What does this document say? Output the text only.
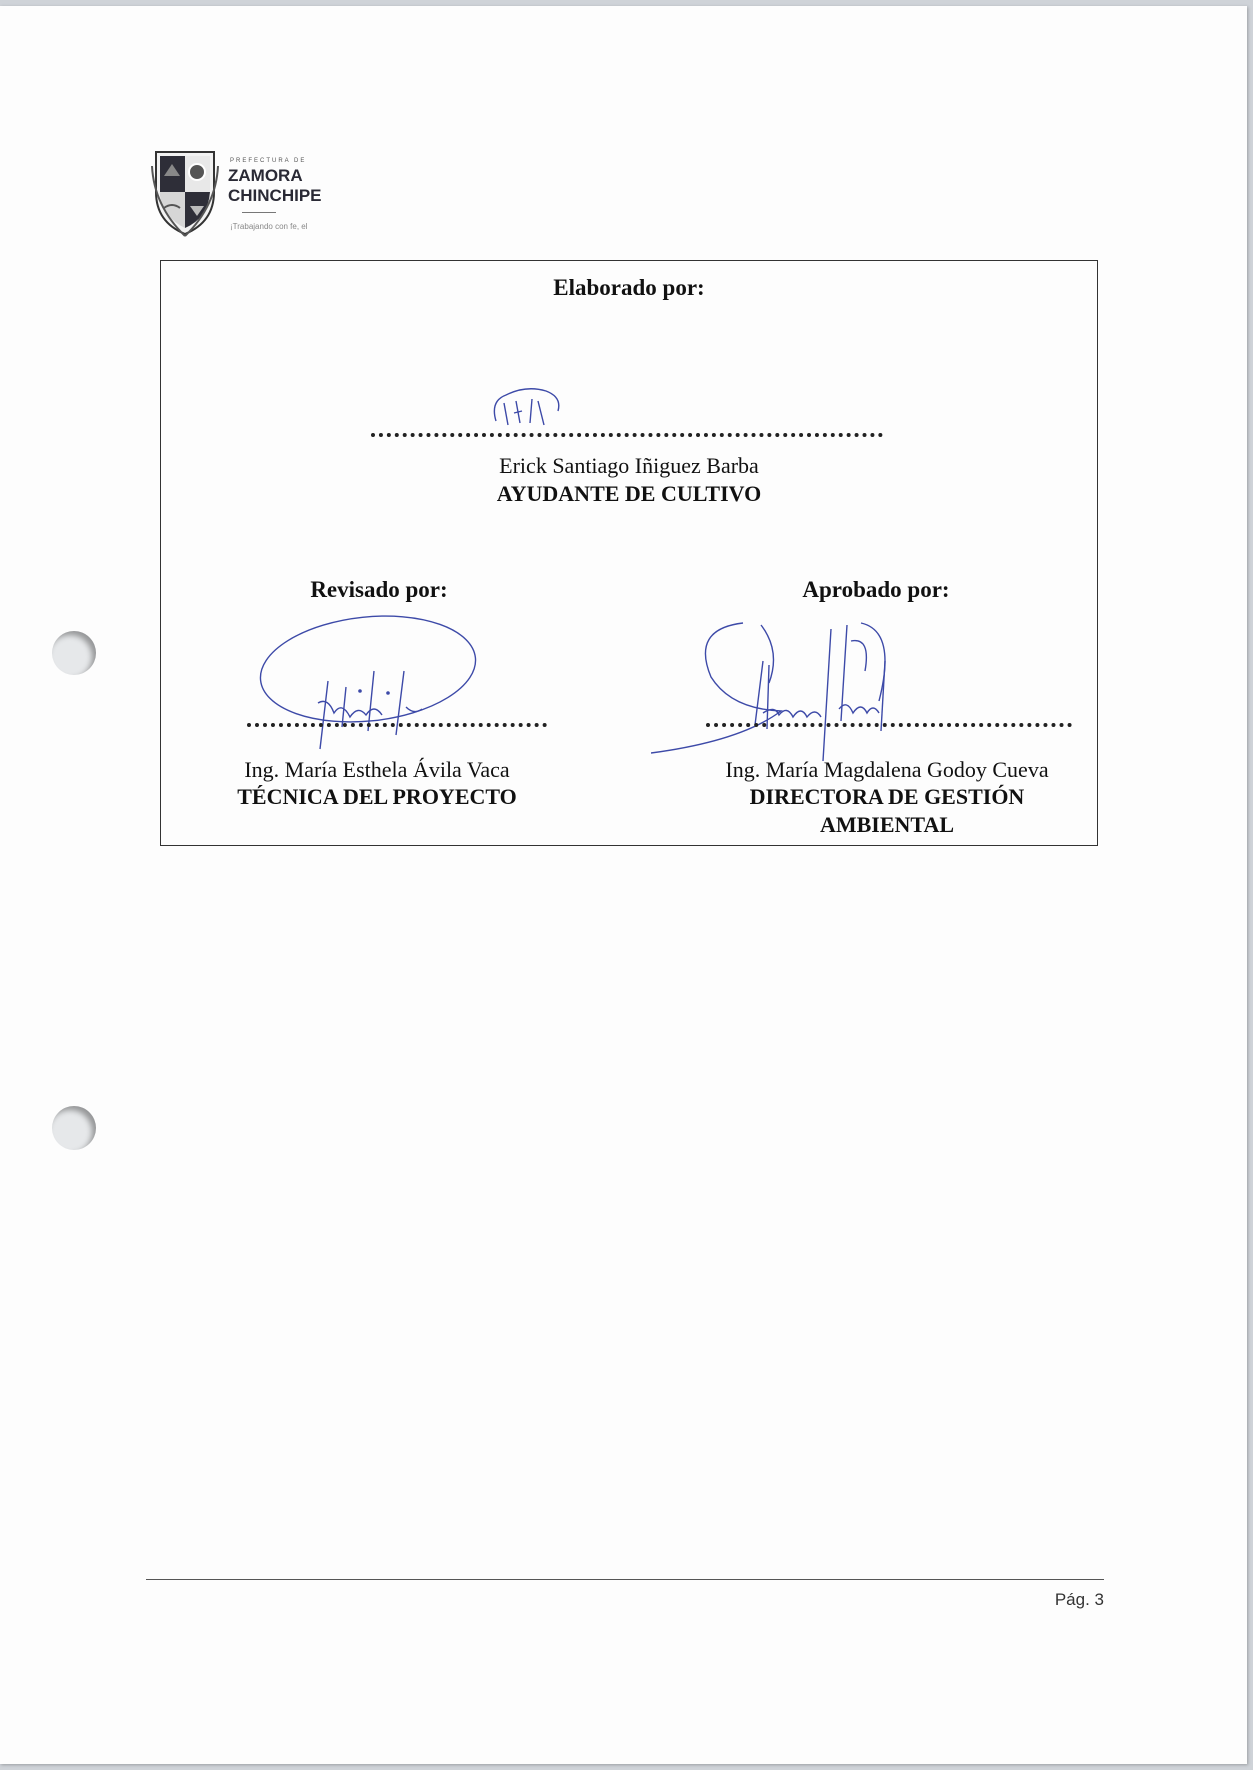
PREFECTURA DE
ZAMORA
CHINCHIPE
¡Trabajando con fe, el
Elaborado por:
Erick Santiago Iñiguez Barba
AYUDANTE DE CULTIVO
Revisado por:
Ing. María Esthela Ávila Vaca
TÉCNICA DEL PROYECTO
Aprobado por:
Ing. María Magdalena Godoy Cueva
DIRECTORA DE GESTIÓN
AMBIENTAL
Pág. 3
